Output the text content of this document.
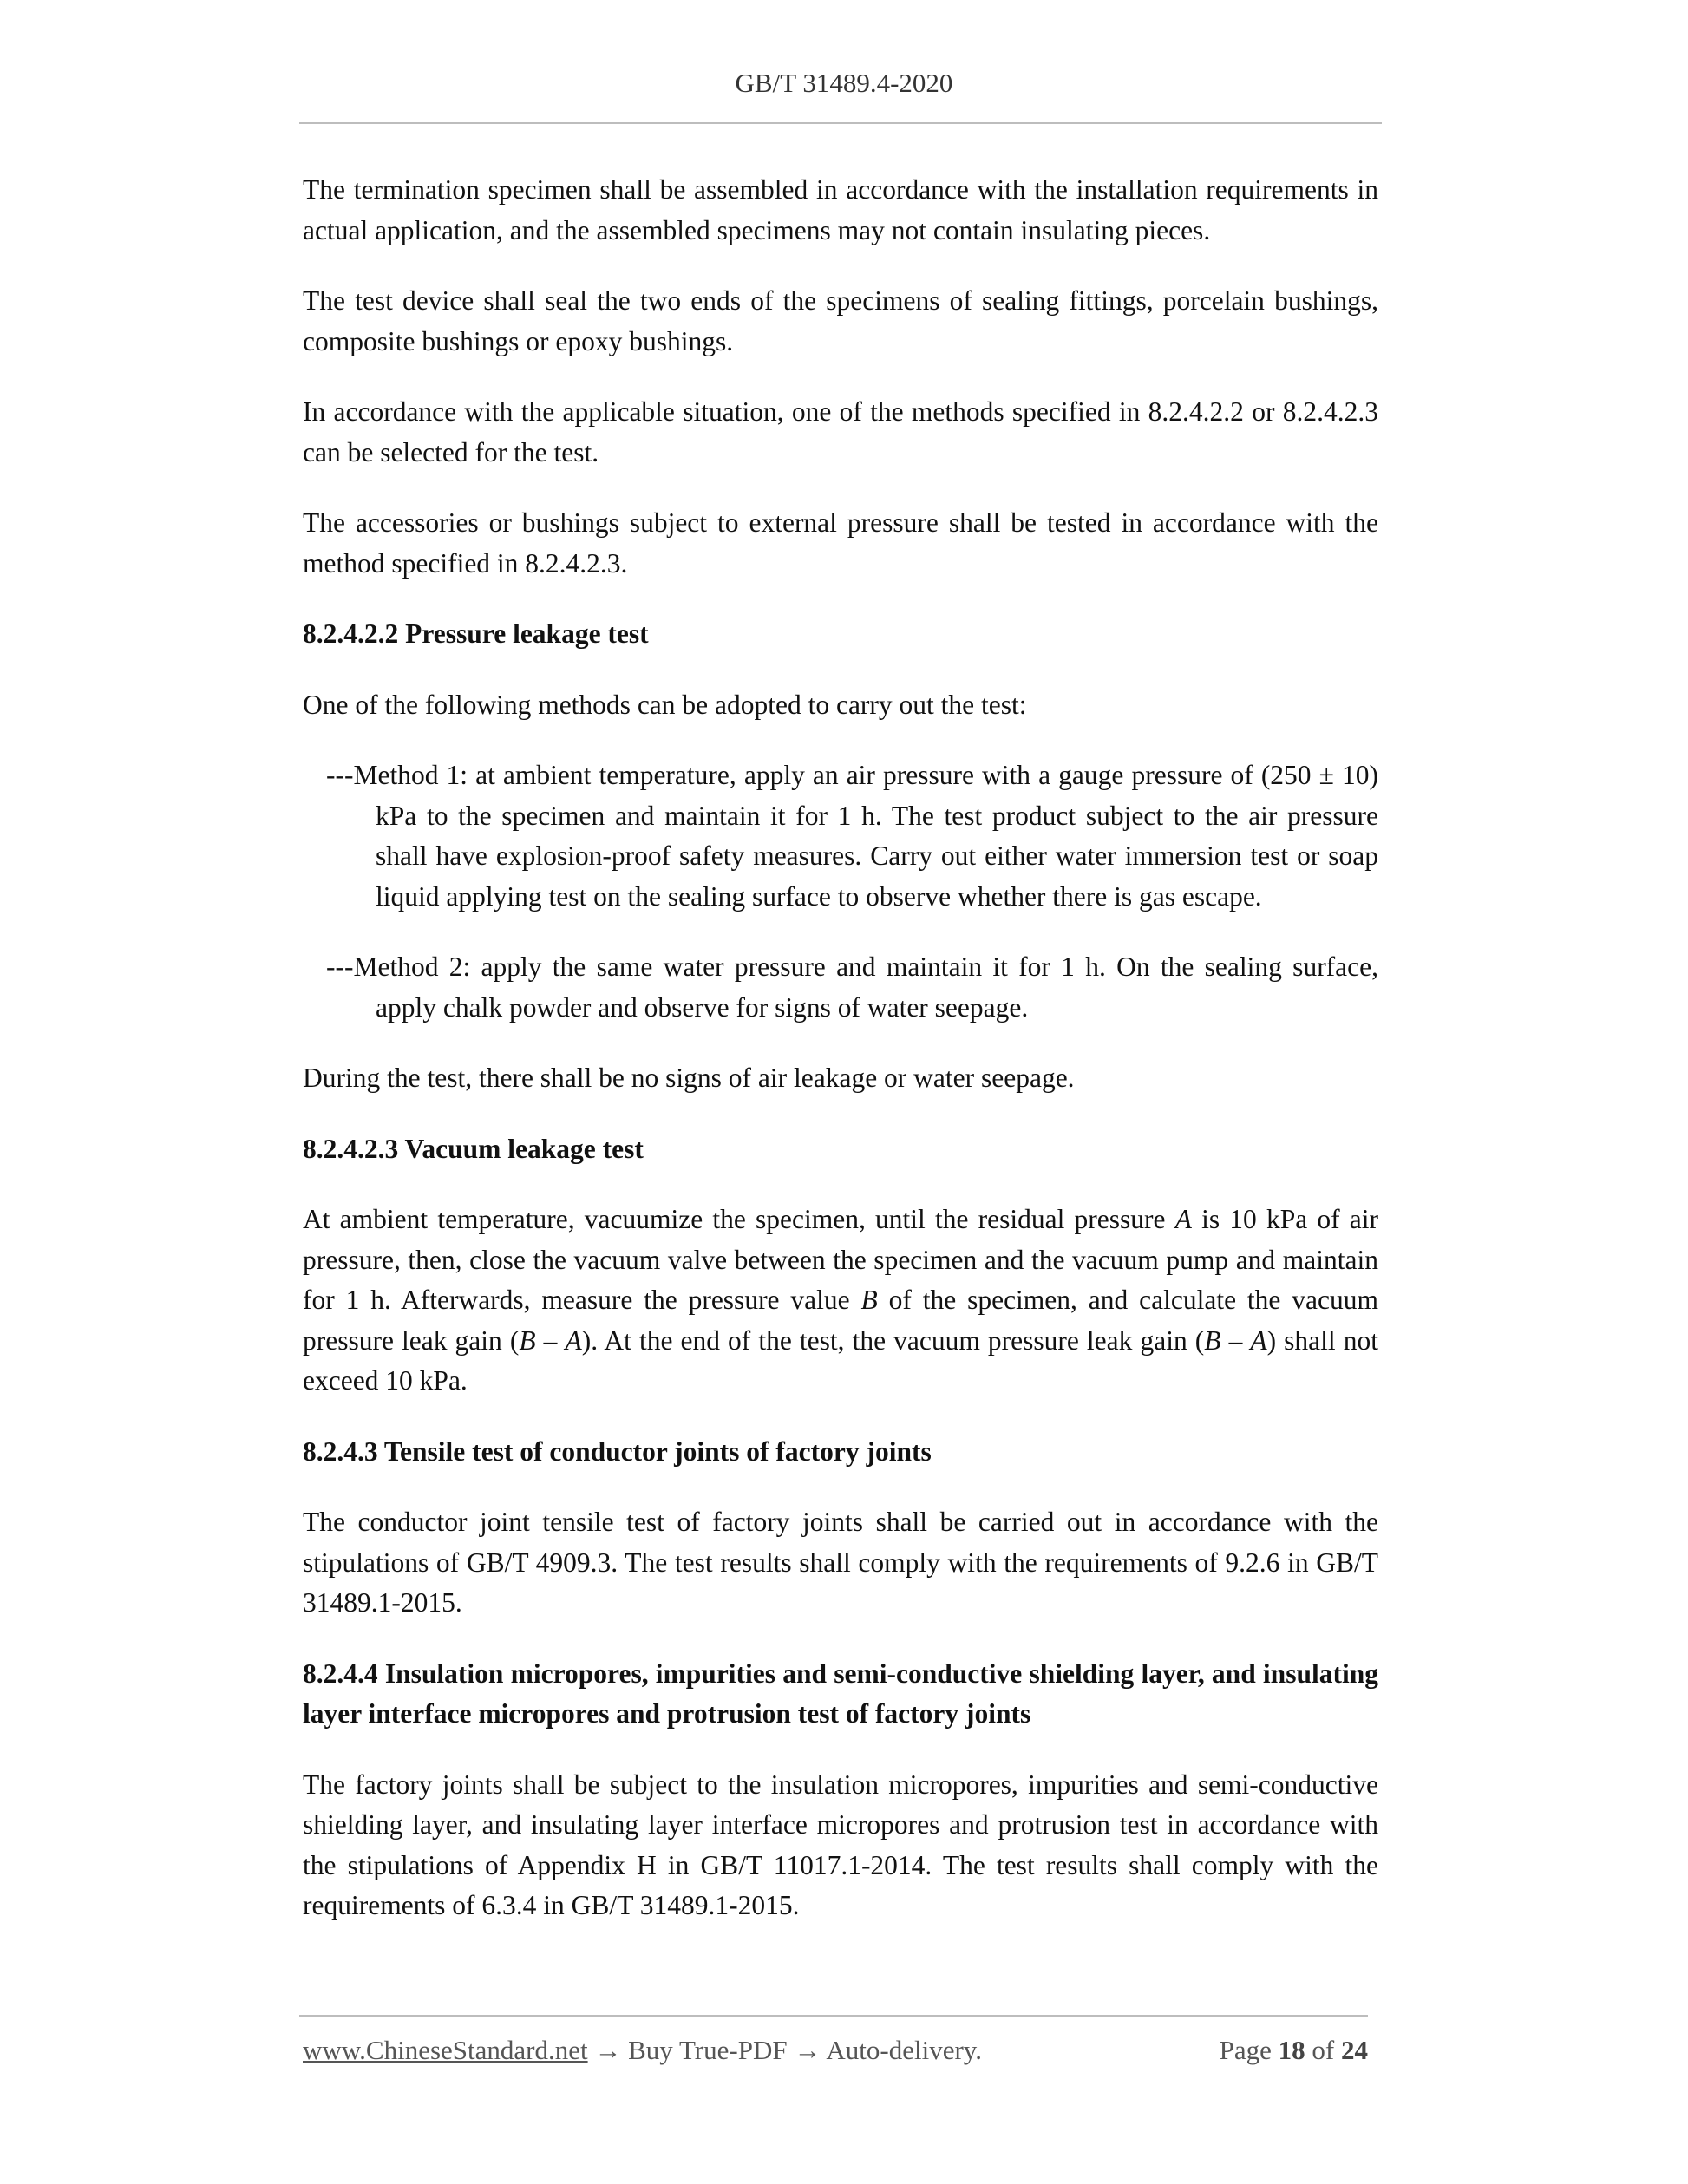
GB/T 31489.4-2020

The termination specimen shall be assembled in accordance with the installation requirements in actual application, and the assembled specimens may not contain insulating pieces.

The test device shall seal the two ends of the specimens of sealing fittings, porcelain bushings, composite bushings or epoxy bushings.

In accordance with the applicable situation, one of the methods specified in 8.2.4.2.2 or 8.2.4.2.3 can be selected for the test.

The accessories or bushings subject to external pressure shall be tested in accordance with the method specified in 8.2.4.2.3.

8.2.4.2.2 Pressure leakage test

One of the following methods can be adopted to carry out the test:

---Method 1: at ambient temperature, apply an air pressure with a gauge pressure of (250 ± 10) kPa to the specimen and maintain it for 1 h. The test product subject to the air pressure shall have explosion-proof safety measures. Carry out either water immersion test or soap liquid applying test on the sealing surface to observe whether there is gas escape.

---Method 2: apply the same water pressure and maintain it for 1 h. On the sealing surface, apply chalk powder and observe for signs of water seepage.

During the test, there shall be no signs of air leakage or water seepage.

8.2.4.2.3 Vacuum leakage test

At ambient temperature, vacuumize the specimen, until the residual pressure A is 10 kPa of air pressure, then, close the vacuum valve between the specimen and the vacuum pump and maintain for 1 h. Afterwards, measure the pressure value B of the specimen, and calculate the vacuum pressure leak gain (B – A). At the end of the test, the vacuum pressure leak gain (B – A) shall not exceed 10 kPa.

8.2.4.3 Tensile test of conductor joints of factory joints

The conductor joint tensile test of factory joints shall be carried out in accordance with the stipulations of GB/T 4909.3. The test results shall comply with the requirements of 9.2.6 in GB/T 31489.1-2015.

8.2.4.4 Insulation micropores, impurities and semi-conductive shielding layer, and insulating layer interface micropores and protrusion test of factory joints

The factory joints shall be subject to the insulation micropores, impurities and semi-conductive shielding layer, and insulating layer interface micropores and protrusion test in accordance with the stipulations of Appendix H in GB/T 11017.1-2014. The test results shall comply with the requirements of 6.3.4 in GB/T 31489.1-2015.

www.ChineseStandard.net → Buy True-PDF → Auto-delivery.	Page 18 of 24
